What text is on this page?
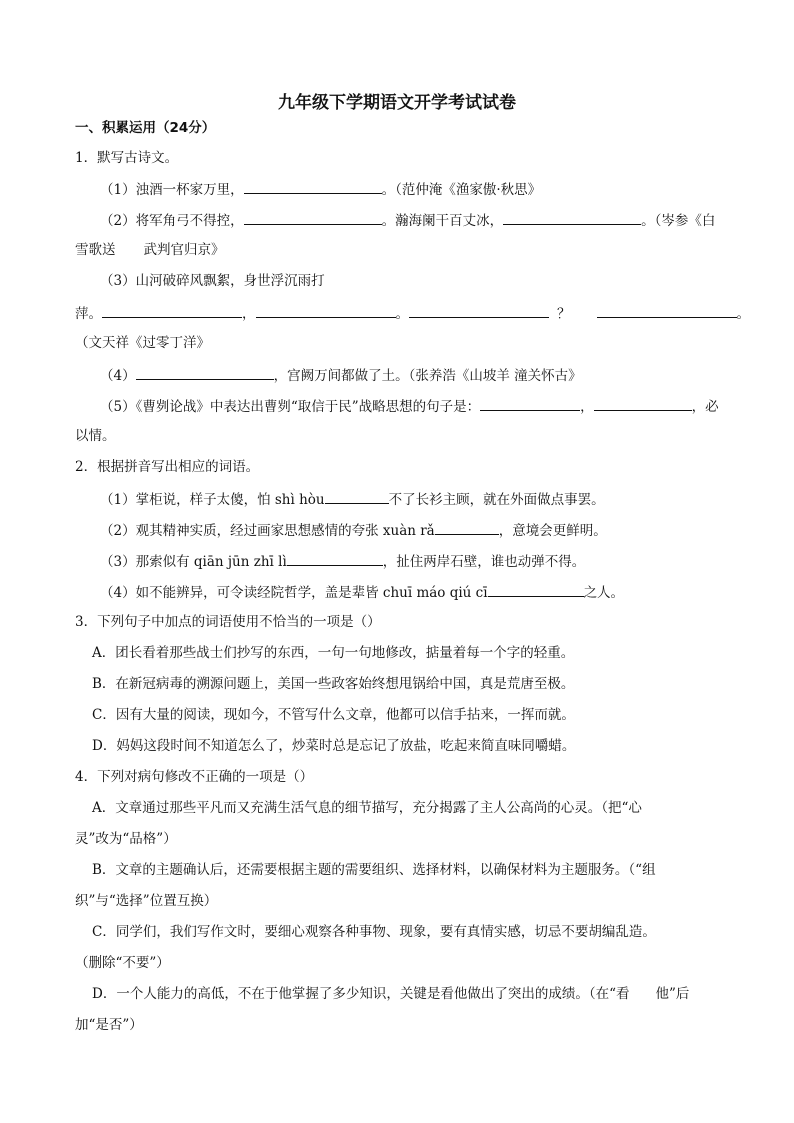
九年级下学期语文开学考试试卷
一、积累运用（24分）
1．默写古诗文。
（1）浊酒一杯家万里，	。（范仲淹《渔家傲·秋思》
（2）将军角弓不得控，	。瀚海阑干百丈冰，	。（岑参《白
雪歌送 武判官归京》
（3）山河破碎风飘絮，身世浮沉雨打
萍。	，	。	？	。
（文天祥《过零丁洋》
（4）	，宫阙万间都做了土。（张养浩《山坡羊 潼关怀古》
（5）《曹刿论战》中表达出曹刿“取信于民”战略思想的句子是：	，	，必
以情。
2．根据拼音写出相应的词语。
（1）掌柜说，样子太傻，怕 shì hòu	不了长衫主顾，就在外面做点事罢。
（2）观其精神实质，经过画家思想感情的夸张 xuàn rǎ	，意境会更鲜明。
（3）那索似有 qiān jūn zhī lì	，扯住两岸石壁，谁也动弹不得。
（4）如不能辨异，可令读经院哲学，盖是辈皆 chuī máo qiú cī	之人。
3．下列句子中加点的词语使用不恰当的一项是（）
A．团长看着那些战士们抄写的东西，一句一句地修改，掂量着每一个字的轻重。
B．在新冠病毒的溯源问题上，美国一些政客始终想甩锅给中国，真是荒唐至极。
C．因有大量的阅读，现如今，不管写什么文章，他都可以信手拈来，一挥而就。
D．妈妈这段时间不知道怎么了，炒菜时总是忘记了放盐，吃起来简直味同嚼蜡。
4．下列对病句修改不正确的一项是（）
A．文章通过那些平凡而又充满生活气息的细节描写，充分揭露了主人公高尚的心灵。（把“心
灵”改为“品格”）
B．文章的主题确认后，还需要根据主题的需要组织、选择材料，以确保材料为主题服务。（“组
织”与“选择”位置互换）
C．同学们，我们写作文时，要细心观察各种事物、现象，要有真情实感，切忌不要胡编乱造。
（删除“不要”）
D．一个人能力的高低，不在于他掌握了多少知识，关键是看他做出了突出的成绩。（在“看 他”后
加“是否”）
